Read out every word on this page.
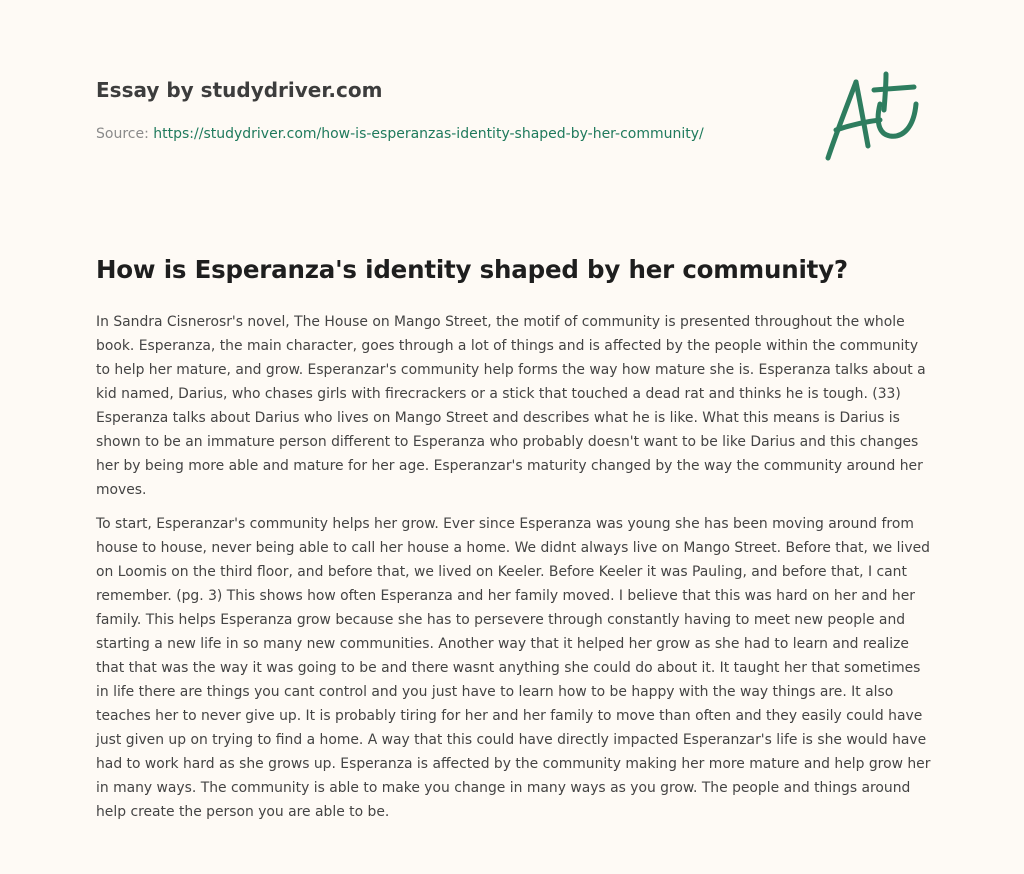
Essay by studydriver.com
Source: https://studydriver.com/how-is-esperanzas-identity-shaped-by-her-community/
How is Esperanza's identity shaped by her community?

In Sandra Cisnerosr's novel, The House on Mango Street, the motif of community is presented throughout the whole book. Esperanza, the main character, goes through a lot of things and is affected by the people within the community to help her mature, and grow. Esperanzar's community help forms the way how mature she is. Esperanza talks about a kid named, Darius, who chases girls with firecrackers or a stick that touched a dead rat and thinks he is tough. (33) Esperanza talks about Darius who lives on Mango Street and describes what he is like. What this means is Darius is shown to be an immature person different to Esperanza who probably doesn't want to be like Darius and this changes her by being more able and mature for her age. Esperanzar's maturity changed by the way the community around her moves.

To start, Esperanzar's community helps her grow. Ever since Esperanza was young she has been moving around from house to house, never being able to call her house a home. We didnt always live on Mango Street. Before that, we lived on Loomis on the third floor, and before that, we lived on Keeler. Before Keeler it was Pauling, and before that, I cant remember. (pg. 3) This shows how often Esperanza and her family moved. I believe that this was hard on her and her family. This helps Esperanza grow because she has to persevere through constantly having to meet new people and starting a new life in so many new communities. Another way that it helped her grow as she had to learn and realize that that was the way it was going to be and there wasnt anything she could do about it. It taught her that sometimes in life there are things you cant control and you just have to learn how to be happy with the way things are. It also teaches her to never give up. It is probably tiring for her and her family to move than often and they easily could have just given up on trying to find a home. A way that this could have directly impacted Esperanzar's life is she would have had to work hard as she grows up. Esperanza is affected by the community making her more mature and help grow her in many ways. The community is able to make you change in many ways as you grow. The people and things around help create the person you are able to be.
